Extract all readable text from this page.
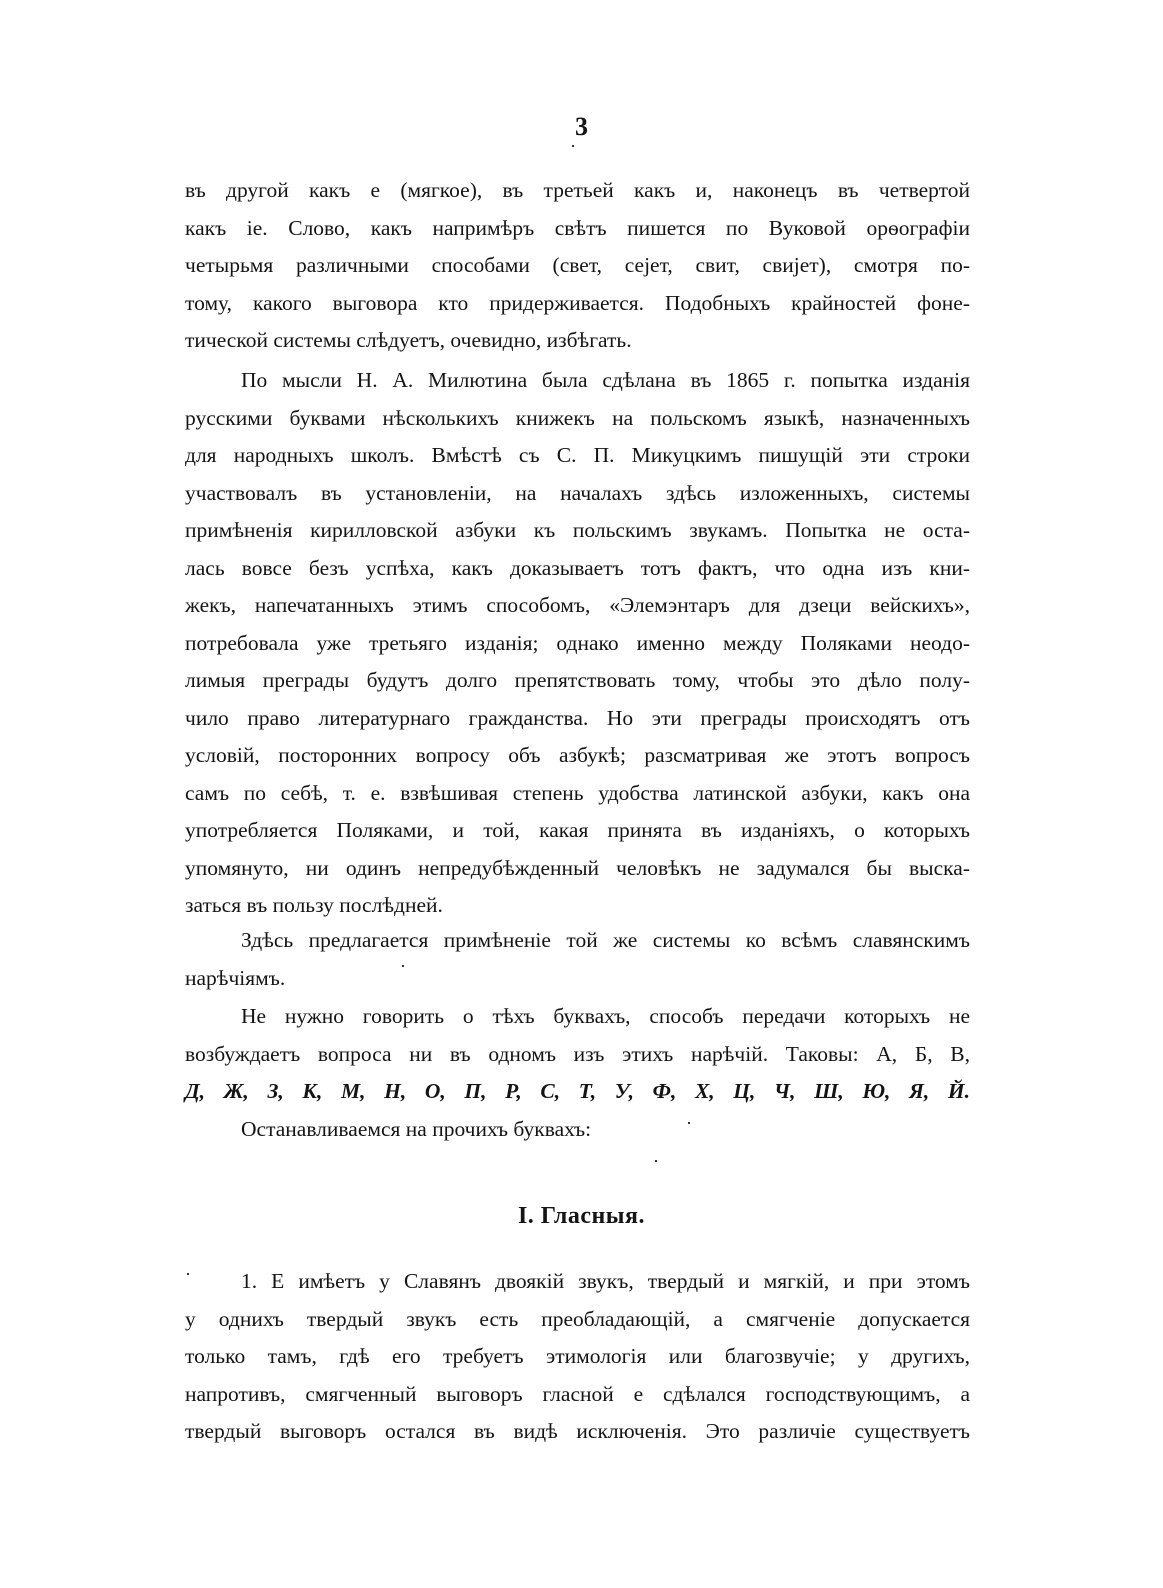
3
въ другой какъ е (мягкое), въ третьей какъ и, наконецъ въ четвертой
какъ іе. Слово, какъ напримѣръ свѣтъ пишется по Вуковой орѳографіи
четырьмя различными способами (свет, сејет, свит, свијет), смотря по-
тому, какого выговора кто придерживается. Подобныхъ крайностей фоне-
тической системы слѣдуетъ, очевидно, избѣгать.
По мысли Н. А. Милютина была сдѣлана въ 1865 г. попытка изданія
русскими буквами нѣсколькихъ книжекъ на польскомъ языкѣ, назначенныхъ
для народныхъ школъ. Вмѣстѣ съ С. П. Микуцкимъ пишущій эти строки
участвовалъ въ установленіи, на началахъ здѣсь изложенныхъ, системы
примѣненія кирилловской азбуки къ польскимъ звукамъ. Попытка не оста-
лась вовсе безъ успѣха, какъ доказываетъ тотъ фактъ, что одна изъ кни-
жекъ, напечатанныхъ этимъ способомъ, «Элемэнтаръ для дзеци вейскихъ»,
потребовала уже третьяго изданія; однако именно между Поляками неодо-
лимыя преграды будутъ долго препятствовать тому, чтобы это дѣло полу-
чило право литературнаго гражданства. Но эти преграды происходятъ отъ
условій, посторонних вопросу объ азбукѣ; разсматривая же этотъ вопросъ
самъ по себѣ, т. е. взвѣшивая степень удобства латинской азбуки, какъ она
употребляется Поляками, и той, какая принята въ изданіяхъ, о которыхъ
упомянуто, ни одинъ непредубѣжденный человѣкъ не задумался бы выска-
заться въ пользу послѣдней.
Здѣсь предлагается примѣненіе той же системы ко всѣмъ славянскимъ
нарѣчіямъ.
Не нужно говорить о тѣхъ буквахъ, способъ передачи которыхъ не
возбуждаетъ вопроса ни въ одномъ изъ этихъ нарѣчій. Таковы: А, Б, В,
Д, Ж, З, К, М, Н, О, П, Р, С, Т, У, Ф, Х, Ц, Ч, Ш, Ю, Я, Й.
Останавливаемся на прочихъ буквахъ:
I. Гласныя.
1. Е имѣетъ у Славянъ двоякій звукъ, твердый и мягкій, и при этомъ
у однихъ твердый звукъ есть преобладающій, а смягченіе допускается
только тамъ, гдѣ его требуетъ этимологія или благозвучіе; у другихъ,
напротивъ, смягченный выговоръ гласной е сдѣлался господствующимъ, а
твердый выговоръ остался въ видѣ исключенія. Это различіе существуетъ
